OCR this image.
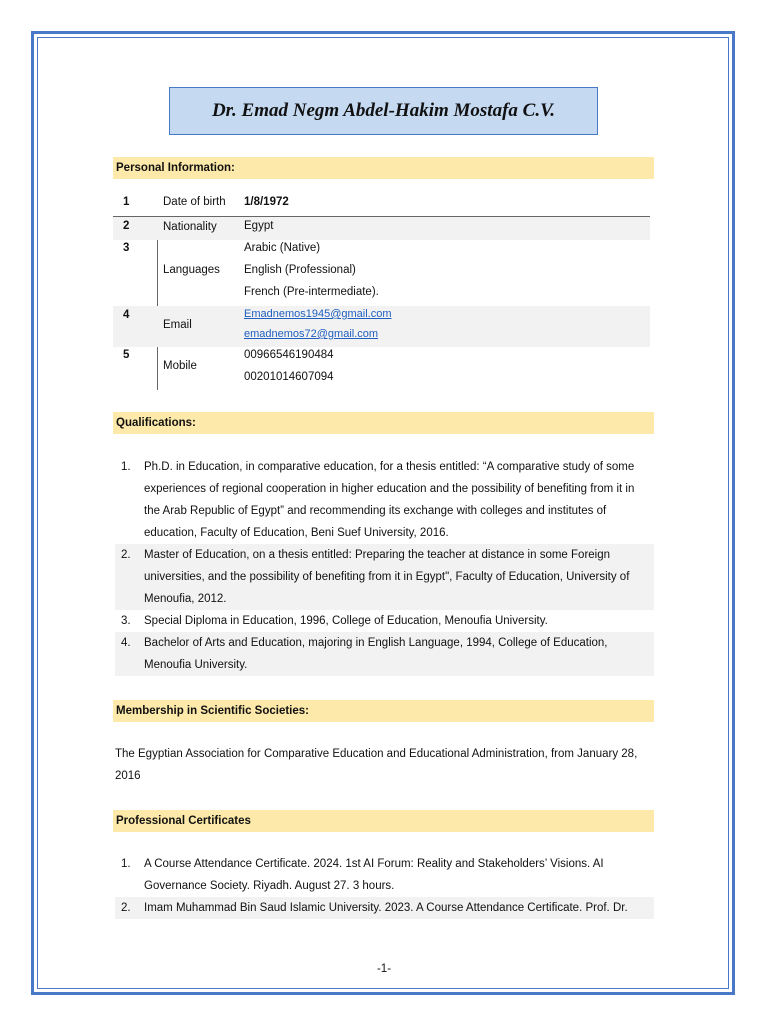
Dr. Emad Negm Abdel-Hakim Mostafa C.V.
Personal Information:
1	Date of birth 1/8/1972
2	Nationality Egypt
3
Languages
Arabic (Native)
English (Professional)
French (Pre-intermediate).
4
Email
Emadnemos1945@gmail.com
emadnemos72@gmail.com
5
Mobile
00966546190484
00201014607094
Qualifications:
1. Ph.D. in Education, in comparative education, for a thesis entitled: “A comparative study of some
experiences of regional cooperation in higher education and the possibility of benefiting from it in
the Arab Republic of Egypt” and recommending its exchange with colleges and institutes of
education, Faculty of Education, Beni Suef University, 2016.
2. Master of Education, on a thesis entitled: Preparing the teacher at distance in some Foreign
universities, and the possibility of benefiting from it in Egypt", Faculty of Education, University of
Menoufia, 2012.
3. Special Diploma in Education, 1996, College of Education, Menoufia University.
4. Bachelor of Arts and Education, majoring in English Language, 1994, College of Education,
Menoufia University.
Membership in Scientific Societies:
The Egyptian Association for Comparative Education and Educational Administration, from January 28,
2016
Professional Certificates
1. A Course Attendance Certificate. 2024. 1st AI Forum: Reality and Stakeholders’ Visions. AI
Governance Society. Riyadh. August 27. 3 hours.
2. Imam Muhammad Bin Saud Islamic University. 2023. A Course Attendance Certificate. Prof. Dr.
-1-
